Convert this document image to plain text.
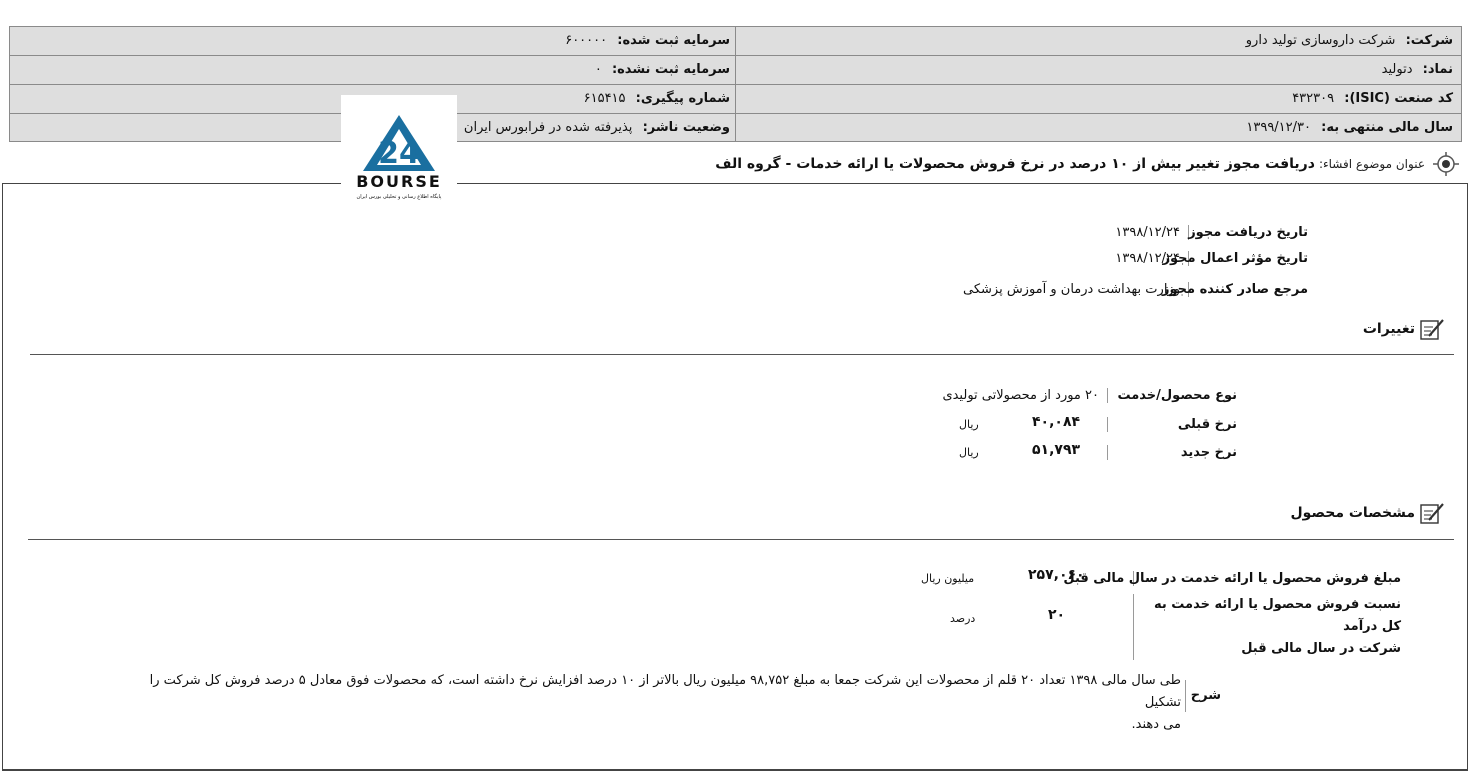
شرکت: شرکت داروسازی تولید دارو
سرمایه ثبت شده: ۶۰۰۰۰۰
نماد: دتولید
سرمایه ثبت نشده: ۰
کد صنعت (ISIC): ۴۳۲۳۰۹
شماره پیگیری: ۶۱۵۴۱۵
سال مالی منتهی به: ۱۳۹۹/۱۲/۳۰
وضعیت ناشر: پذیرفته شده در فرابورس ایران
عنوان موضوع افشاء:
دریافت مجوز تغییر بیش از ۱۰ درصد در نرخ فروش محصولات یا ارائه خدمات - گروه الف
24
BOURSE
پایگاه اطلاع رسانی و تحلیلی بورس ایران
تاریخ دریافت مجوز
۱۳۹۸/۱۲/۲۴
تاریخ مؤثر اعمال مجوز
۱۳۹۸/۱۲/۲۴
مرجع صادر کننده مجوز
وزارت بهداشت درمان و آموزش پزشکی
تغییرات
نوع محصول/خدمت
۲۰ مورد از محصولاتی تولیدی
نرخ قبلی
۴۰,۰۸۴
ریال
نرخ جدید
۵۱,۷۹۳
ریال
مشخصات محصول
مبلغ فروش محصول یا ارائه خدمت در سال مالی قبل
۲۵۷,۰۶۰
میلیون ریال
نسبت فروش محصول یا ارائه خدمت به کل درآمد
شرکت در سال مالی قبل
۲۰
درصد
شرح
طی سال مالی ۱۳۹۸ تعداد ۲۰ قلم از محصولات این شرکت جمعا به مبلغ ۹۸,۷۵۲ میلیون ریال بالاتر از ۱۰ درصد افزایش نرخ داشته است، که محصولات فوق معادل ۵ درصد فروش کل شرکت را تشکیل
می دهند.
